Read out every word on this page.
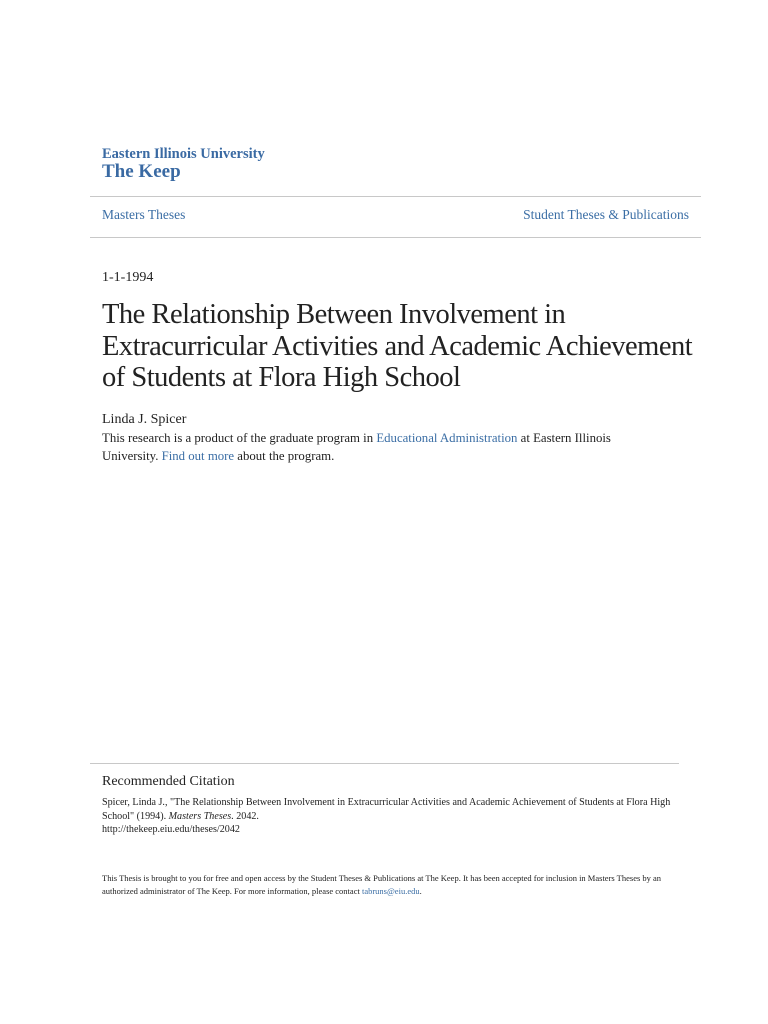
Eastern Illinois University
The Keep
Masters Theses	Student Theses & Publications
1-1-1994
The Relationship Between Involvement in Extracurricular Activities and Academic Achievement of Students at Flora High School
Linda J. Spicer
This research is a product of the graduate program in Educational Administration at Eastern Illinois University. Find out more about the program.
Recommended Citation
Spicer, Linda J., "The Relationship Between Involvement in Extracurricular Activities and Academic Achievement of Students at Flora High School" (1994). Masters Theses. 2042.
http://thekeep.eiu.edu/theses/2042
This Thesis is brought to you for free and open access by the Student Theses & Publications at The Keep. It has been accepted for inclusion in Masters Theses by an authorized administrator of The Keep. For more information, please contact tabruns@eiu.edu.
